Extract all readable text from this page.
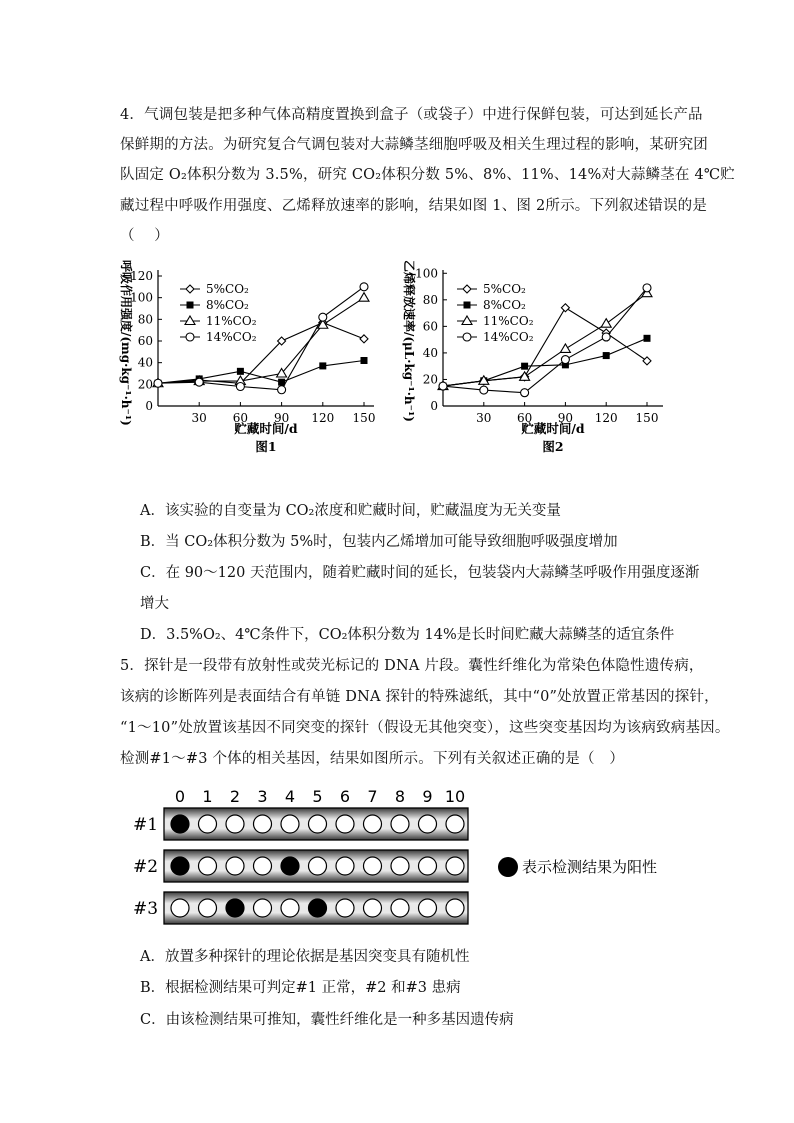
4．气调包装是把多种气体高精度置换到盒子（或袋子）中进行保鲜包装，可达到延长产品
保鲜期的方法。为研究复合气调包装对大蒜鳞茎细胞呼吸及相关生理过程的影响，某研究团
队固定 O₂体积分数为 3.5%，研究 CO₂体积分数 5%、8%、11%、14%对大蒜鳞茎在 4℃贮
藏过程中呼吸作用强度、乙烯释放速率的影响，结果如图 1、图 2所示。下列叙述错误的是
（　 ）
呼吸作用强度/(mg·kg⁻¹·h⁻¹) 0
20
40
60
80
100
120
30 60 90 120 150
5%CO₂
8%CO₂
11%CO₂
14%CO₂
贮藏时间/d
图1
乙烯释放速率/(μL·kg⁻¹·h⁻¹) 0
20
40
60
80
100
30 60 90 120 150
5%CO₂
8%CO₂
11%CO₂
14%CO₂
贮藏时间/d
图2
A．该实验的自变量为 CO₂浓度和贮藏时间，贮藏温度为无关变量
B．当 CO₂体积分数为 5%时，包装内乙烯增加可能导致细胞呼吸强度增加
C．在 90～120 天范围内，随着贮藏时间的延长，包装袋内大蒜鳞茎呼吸作用强度逐渐
增大
D．3.5%O₂、4℃条件下，CO₂体积分数为 14%是长时间贮藏大蒜鳞茎的适宜条件
5．探针是一段带有放射性或荧光标记的 DNA 片段。囊性纤维化为常染色体隐性遗传病，
该病的诊断阵列是表面结合有单链 DNA 探针的特殊滤纸，其中“0”处放置正常基因的探针，
“1～10”处放置该基因不同突变的探针（假设无其他突变），这些突变基因均为该病致病基因。
检测#1～#3 个体的相关基因，结果如图所示。下列有关叙述正确的是（　）
0 1 2 3 4 5 6 7 8 9 10
#1
#2
#3
表示检测结果为阳性
A．放置多种探针的理论依据是基因突变具有随机性
B．根据检测结果可判定#1 正常，#2 和#3 患病
C．由该检测结果可推知，囊性纤维化是一种多基因遗传病
